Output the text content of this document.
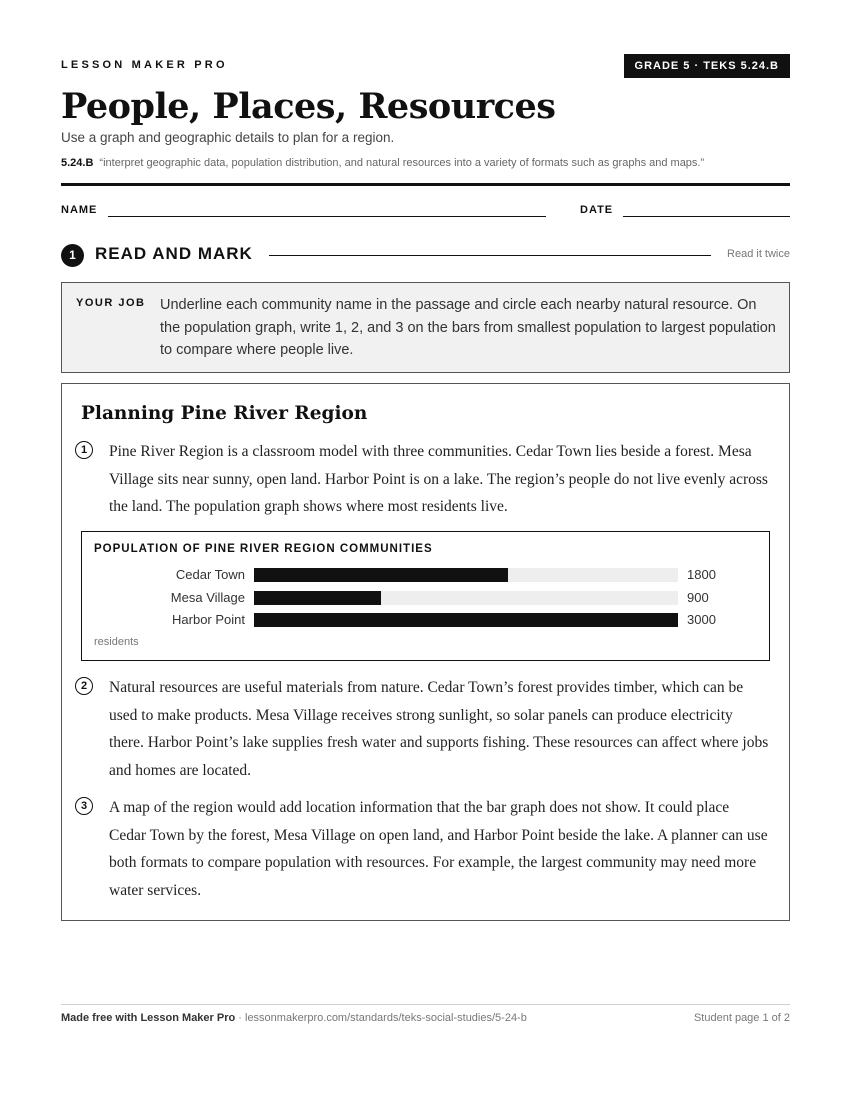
LESSON MAKER PRO	GRADE 5 · TEKS 5.24.B
People, Places, Resources
Use a graph and geographic details to plan for a region.
5.24.B “interpret geographic data, population distribution, and natural resources into a variety of formats such as graphs and maps.”
NAME	DATE
1	READ AND MARK	Read it twice
YOUR JOB Underline each community name in the passage and circle each nearby natural resource. On the population graph, write 1, 2, and 3 on the bars from smallest population to largest population to compare where people live.
Planning Pine River Region
1	Pine River Region is a classroom model with three communities. Cedar Town lies beside a forest. Mesa Village sits near sunny, open land. Harbor Point is on a lake. The region’s people do not live evenly across the land. The population graph shows where most residents live.
POPULATION OF PINE RIVER REGION COMMUNITIES
Cedar Town	1800
Mesa Village	900
Harbor Point	3000
residents
2	Natural resources are useful materials from nature. Cedar Town’s forest provides timber, which can be used to make products. Mesa Village receives strong sunlight, so solar panels can produce electricity there. Harbor Point’s lake supplies fresh water and supports fishing. These resources can affect where jobs and homes are located.
3	A map of the region would add location information that the bar graph does not show. It could place Cedar Town by the forest, Mesa Village on open land, and Harbor Point beside the lake. A planner can use both formats to compare population with resources. For example, the largest community may need more water services.
Made free with Lesson Maker Pro · lessonmakerpro.com/standards/teks-social-studies/5-24-b	Student page 1 of 2
